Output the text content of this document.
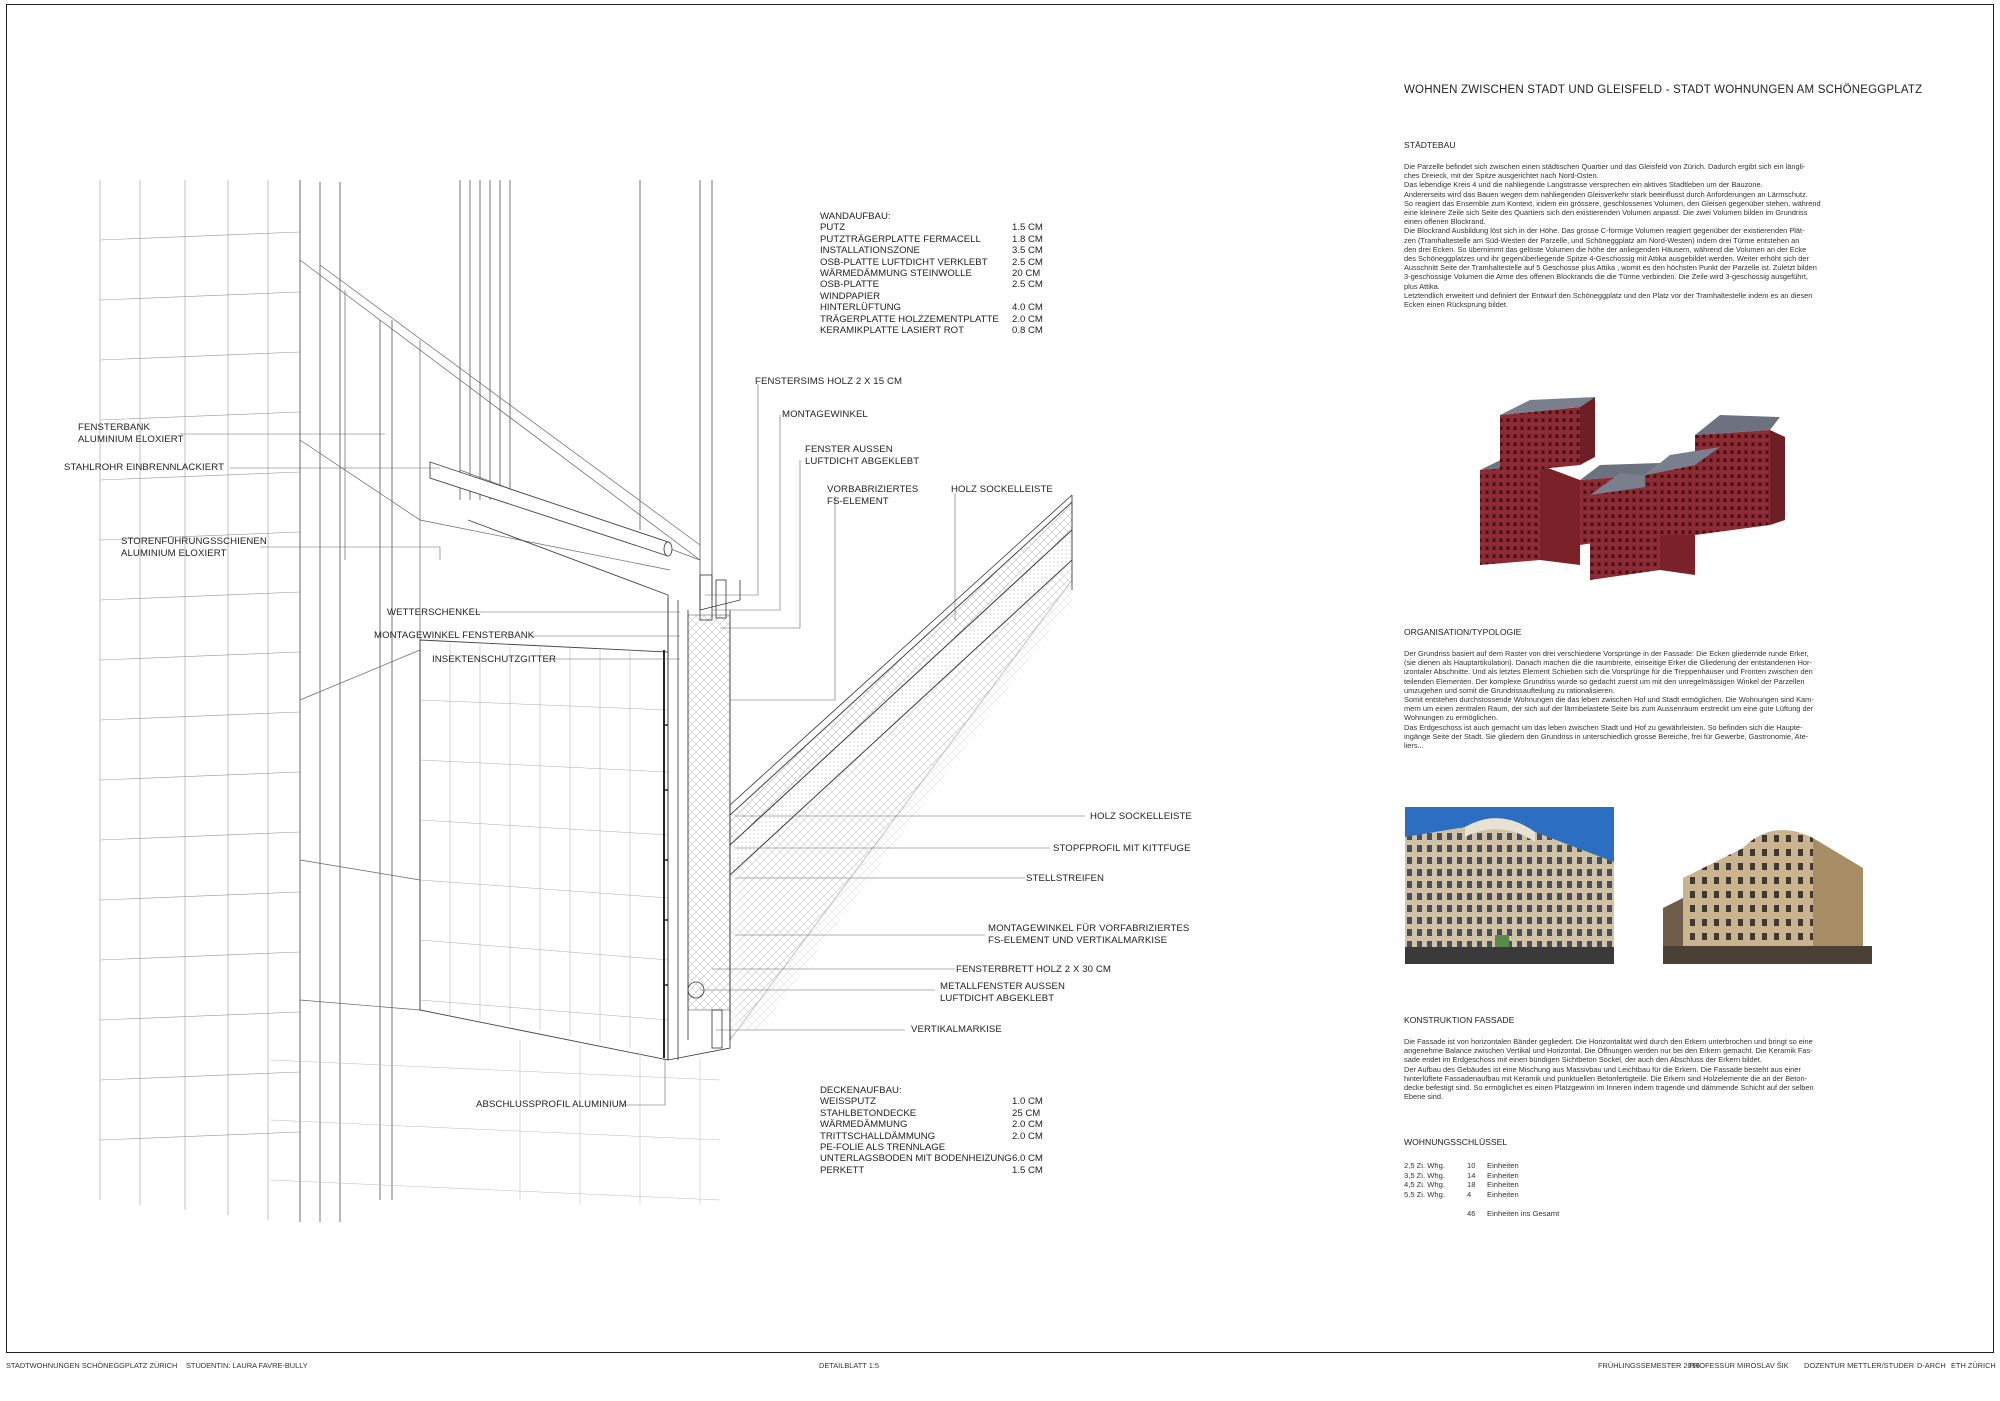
WANDAUFBAU:
PUTZ	1.5 CM
PUTZTRÄGERPLATTE FERMACELL	1.8 CM
INSTALLATIONSZONE	3.5 CM
OSB-PLATTE LUFTDICHT VERKLEBT	2.5 CM
WÄRMEDÄMMUNG STEINWOLLE	20 CM
OSB-PLATTE	2.5 CM
WINDPAPIER
HINTERLÜFTUNG	4.0 CM
TRÄGERPLATTE HOLZZEMENTPLATTE	2.0 CM
KERAMIKPLATTE LASIERT ROT	0.8 CM
DECKENAUFBAU:
WEISSPUTZ	1.0 CM
STAHLBETONDECKE	25 CM
WÄRMEDÄMMUNG	2.0 CM
TRITTSCHALLDÄMMUNG	2.0 CM
PE-FOLIE ALS TRENNLAGE
UNTERLAGSBODEN MIT BODENHEIZUNG 6.0 CM
PERKETT	1.5 CM
FENSTERSIMS HOLZ 2 X 15 CM
MONTAGEWINKEL
FENSTER AUSSEN
LUFTDICHT ABGEKLEBT
VORBABRIZIERTES
FS-ELEMENT
HOLZ SOCKELLEISTE
FENSTERBANK
ALUMINIUM ELOXIERT
STAHLROHR EINBRENNLACKIERT
STORENFÜHRUNGSSCHIENEN
ALUMINIUM ELOXIERT
WETTERSCHENKEL
MONTAGEWINKEL FENSTERBANK
INSEKTENSCHUTZGITTER
HOLZ SOCKELLEISTE
STOPFPROFIL MIT KITTFUGE
STELLSTREIFEN
MONTAGEWINKEL FÜR VORFABRIZIERTES
FS-ELEMENT UND VERTIKALMARKISE
FENSTERBRETT HOLZ 2 X 30 CM
METALLFENSTER AUSSEN
LUFTDICHT ABGEKLEBT
VERTIKALMARKISE
ABSCHLUSSPROFIL ALUMINIUM
WOHNEN ZWISCHEN STADT UND GLEISFELD - STADT WOHNUNGEN AM SCHÖNEGGPLATZ

STÄDTEBAU

Die Parzelle befindet sich zwischen einen städtischen Quartier und das Gleisfeld von Zürich. Dadurch ergibt sich ein längli-
ches Dreieck, mit der Spitze ausgerichtet nach Nord-Osten.
Das lebendige Kreis 4 und die nahliegende Langstrasse versprechen ein aktives Stadtleben um der Bauzone.
Andererseits wird das Bauen wegen dem nahliegenden Gleisverkehr stark beeinflusst durch Anforderungen an Lärmschutz.
So reagiert das Ensemble zum Kontext, indem ein grössere, geschlossenes Volumen, den Gleisen gegenüber stehen, während
eine kleinere Zeile sich Seite des Quartiers sich den existierenden Volumen anpasst. Die zwei Volumen bilden im Grundriss
einen offenen Blockrand.
Die Blockrand Ausbildung löst sich in der Höhe. Das grosse C-formige Volumen reagiert gegenüber der existierenden Plät-
zen (Tramhaltestelle am Süd-Westen der Parzelle, und Schöneggplatz am Nord-Westen) indem drei Türme entstehen an
den drei Ecken. So übernimmt das gelöste Volumen die höhe der anliegenden Häusern, während die Volumen an der Ecke
des Schöneggplatzes und ihr gegenüberliegende Spitze 4-Geschossig mit Attika ausgebildet werden. Weiter erhöht sich der
Ausschnitt Seite der Tramhaltestelle auf 5 Geschosse plus Attika , womit es den höchsten Punkt der Parzelle ist. Zuletzt bilden
3-geschossige Volumen die Arme des offenen Blockrands die die Türme verbinden. Die Zeile wird 3-geschossig ausgeführt,
plus Attika.
Letztendlich erweitert und definiert der Entwurf den Schöneggplatz und den Platz vor der Tramhaltestelle indem es an diesen
Ecken einen Rücksprung bildet.

ORGANISATION/TYPOLOGIE

Der Grundriss basiert auf dem Raster von drei verschiedene Vorsprünge in der Fassade: Die Ecken gliedernde runde Erker,
(sie dienen als Hauptartikulation). Danach machen die die raumbreite, einseitige Erker die Gliederung der entstandenen Hor-
izontaler Abschnitte. Und als letztes Element Schieben sich die Vorsprünge für die Treppenhäuser und Fronten zwischen den
teilenden Elementen. Der komplexe Grundriss wurde so gedacht zuerst um mit den unregelmässigen Winkel der Parzellen
umzugehen und somit die Grundrissaufteilung zu rationalisieren.
Somit entstehen durchstossende Wohnungen die das leben zwischen Hof und Stadt ermöglichen. Die Wohnungen sind Kam-
mern um einen zentralen Raum, der sich auf der lärmbelastete Seite bis zum Aussenraum erstreckt um eine gute Lüftung der
Wohnungen zu ermöglichen.
Das Erdgeschoss ist auch gemacht um das leben zwischen Stadt und Hof zu gewährleisten. So befinden sich die Haupte-
ingänge Seite der Stadt. Sie gliedern den Grundriss in unterschiedlich grosse Bereiche, frei für Gewerbe, Gastronomie, Ate-
liers...

KONSTRUKTION FASSADE

Die Fassade ist von horizontalen Bänder gegliedert. Die Horizontalität wird durch den Erkern unterbrochen und bringt so eine
angenehme Balance zwischen Vertikal und Horizontal. Die Öffnungen werden nur bei den Erkern gemacht. Die Keramik Fas-
sade endet im Erdgeschoss mit einen bündigen Sichtbeton Sockel, der auch den Abschluss der Erkern bildet.
Der Aufbau des Gebäudes ist eine Mischung aus Massivbau und Leichtbau für die Erkern. Die Fassade besteht aus einer
hinterlüftete Fassadenaufbau mit Keramik und punktuellen Betonfertigteile. Die Erkern sind Holzelemente die an der Beton-
decke befestigt sind. So ermöglichet es einen Platzgewinn im Inneren indem tragende und dämmende Schicht auf der selben
Ebene sind.

WOHNUNGSSCHLÜSSEL

2,5 Zi. Whg.	10	Einheiten
3,5 Zi. Whg.	14	Einheiten
4,5 Zi. Whg.	18	Einheiten
5,5 Zi. Whg.	4	Einheiten
46	Einheiten ins Gesamt
STADTWOHNUNGEN SCHÖNEGGPLATZ ZÜRICH STUDENTIN: LAURA FAVRE-BULLY	DETAILBLATT 1:5	FRÜHLINGSSEMESTER 2016
PROFESSUR MIROSLAV ŠIK DOZENTUR METTLER/STUDER D-ARCH ETH ZÜRICH
